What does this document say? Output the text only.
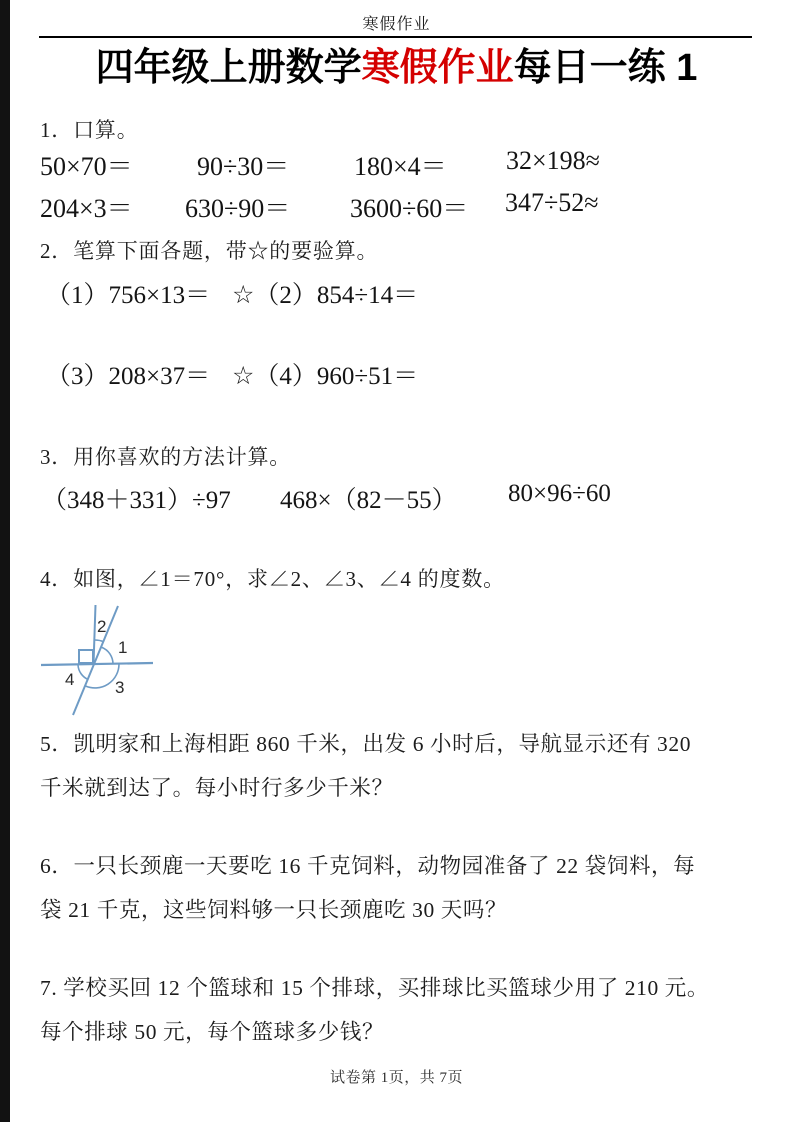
寒假作业
四年级上册数学寒假作业每日一练 1
1．口算。
50×70＝ 90÷30＝ 180×4＝ 32×198≈
204×3＝ 630÷90＝ 3600÷60＝ 347÷52≈
2．笔算下面各题，带☆的要验算。
（1）756×13＝ ☆（2）854÷14＝
（3）208×37＝ ☆（4）960÷51＝
3．用你喜欢的方法计算。
（348＋331）÷97 468×（82－55） 80×96÷60
4．如图，∠1＝70°，求∠2、∠3、∠4 的度数。
1
2
3
4
5．凯明家和上海相距 860 千米，出发 6 小时后，导航显示还有 320
千米就到达了。每小时行多少千米？
6．一只长颈鹿一天要吃 16 千克饲料，动物园准备了 22 袋饲料，每
袋 21 千克，这些饲料够一只长颈鹿吃 30 天吗？
7. 学校买回 12 个篮球和 15 个排球，买排球比买篮球少用了 210 元。
每个排球 50 元，每个篮球多少钱？
试卷第 1页，共 7页
